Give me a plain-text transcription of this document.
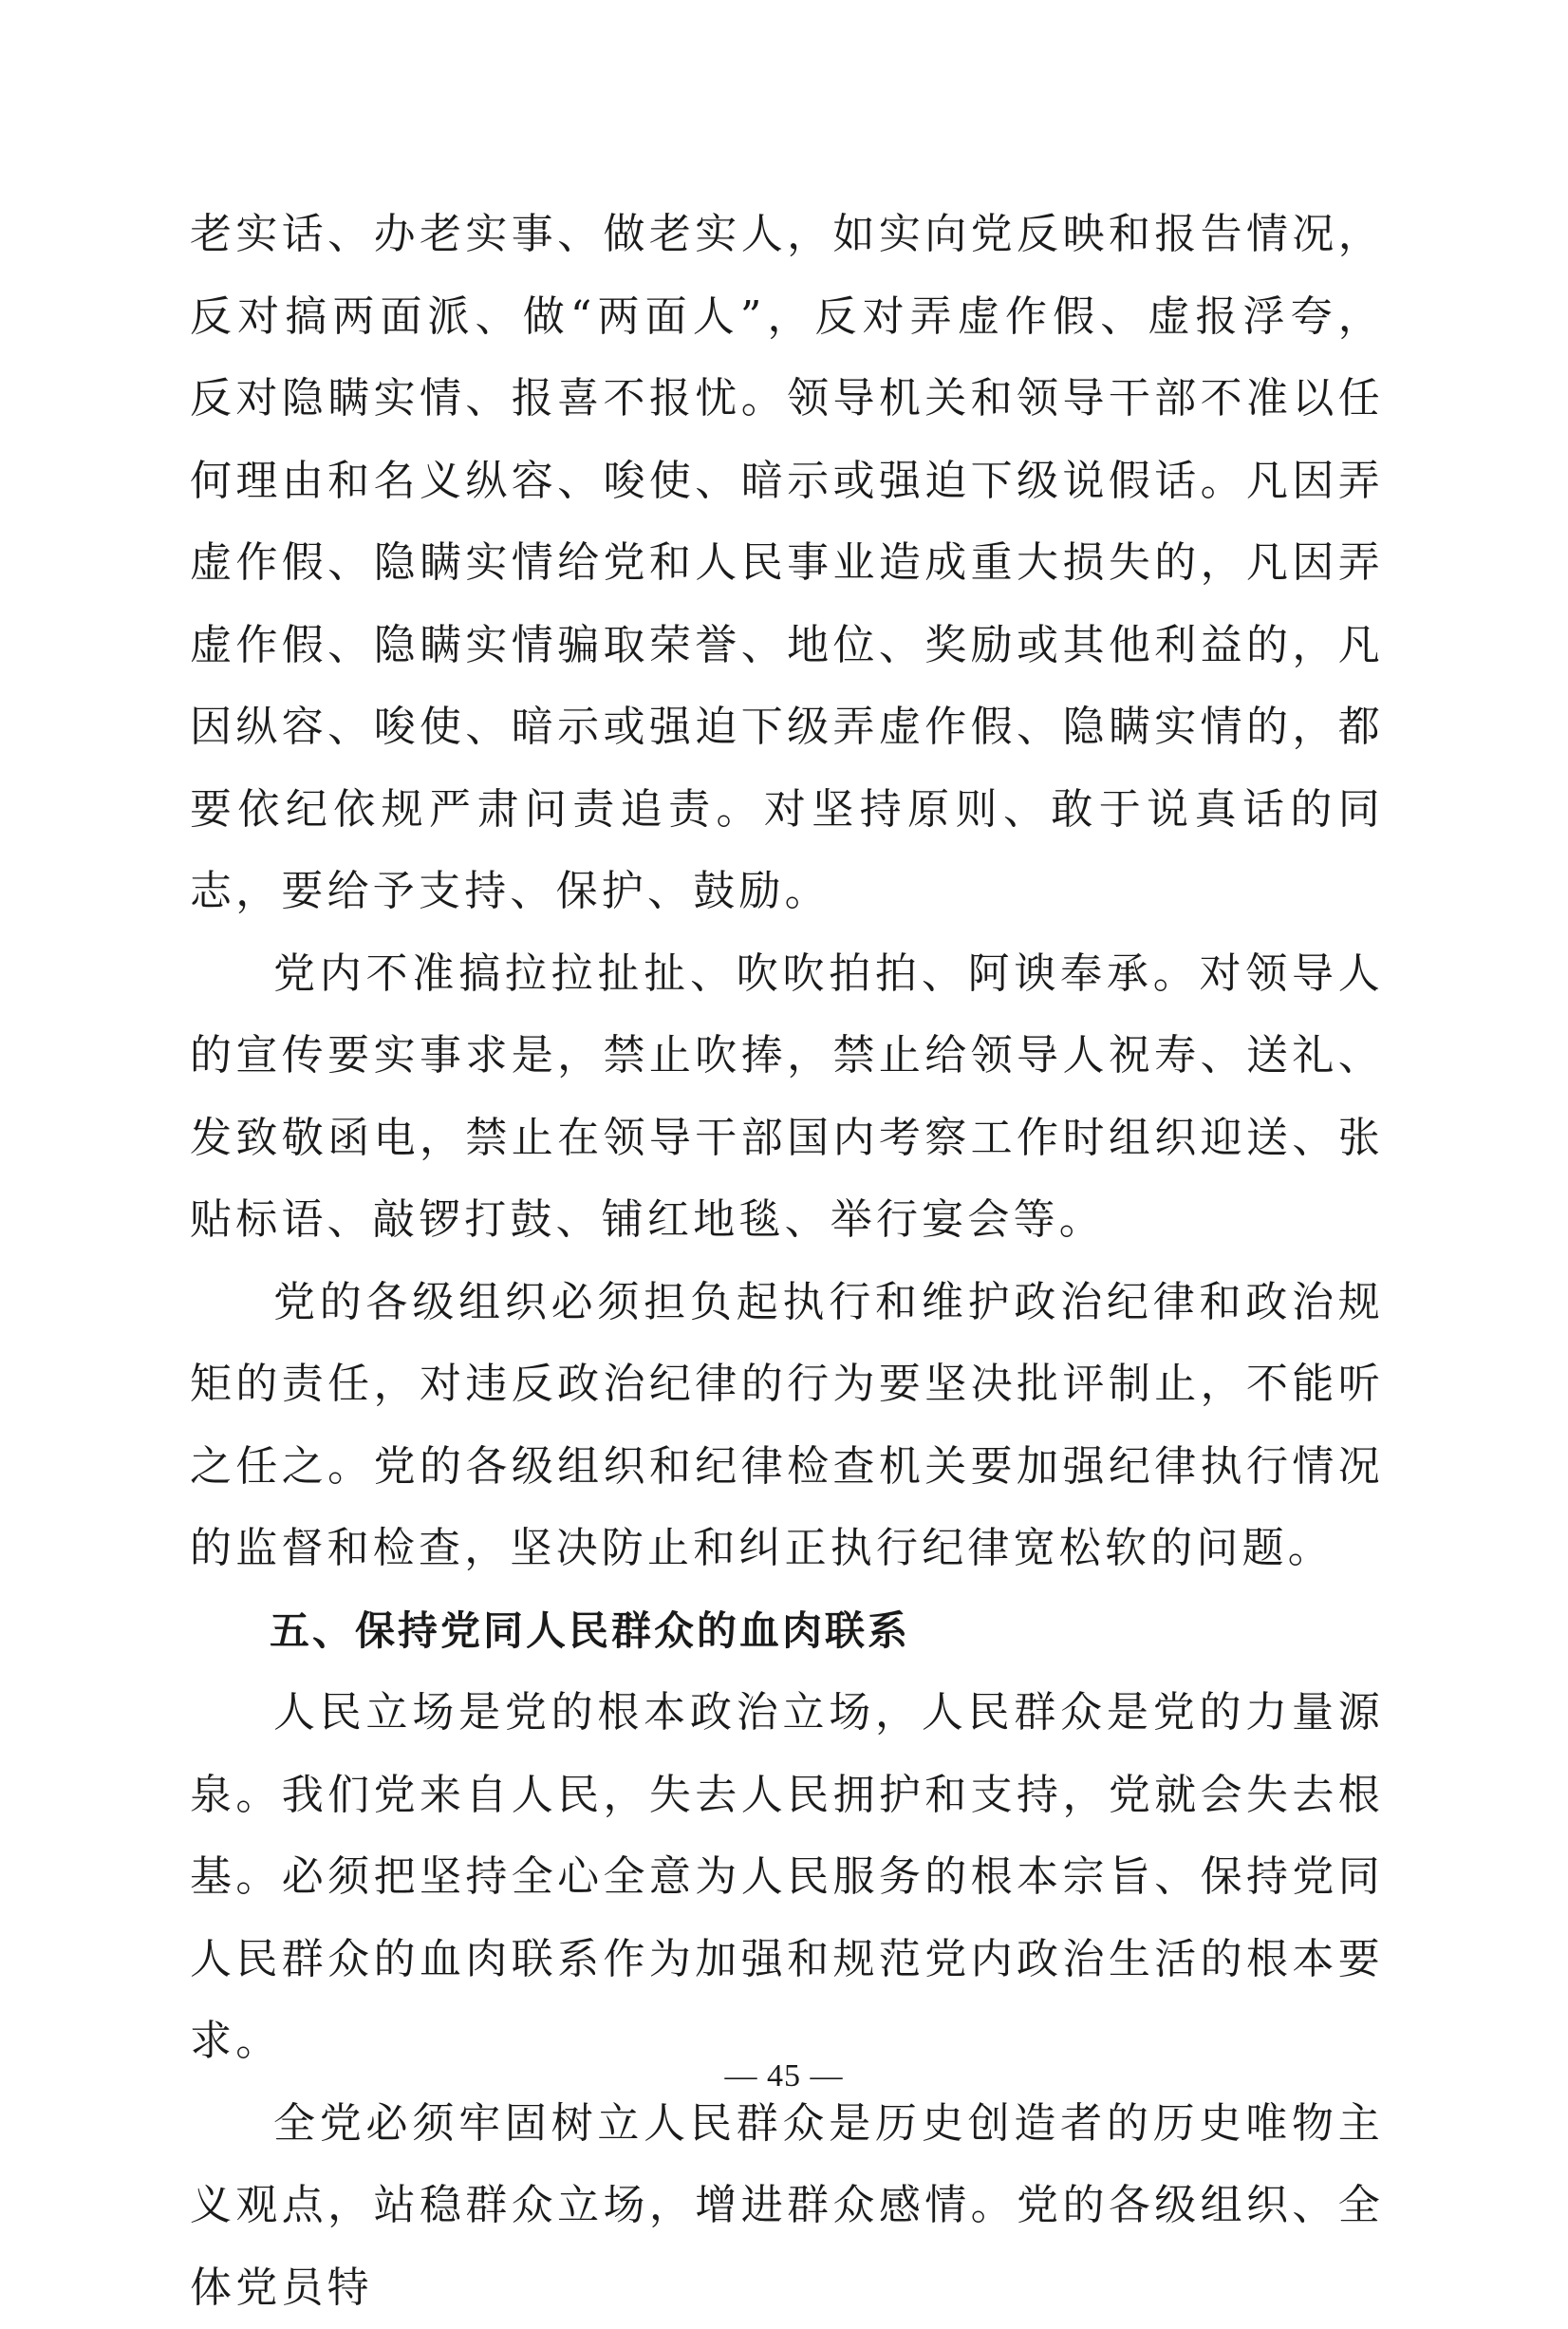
老实话、办老实事、做老实人，如实向党反映和报告情况，反对搞两面派、做“两面人”，反对弄虚作假、虚报浮夸，反对隐瞒实情、报喜不报忧。领导机关和领导干部不准以任何理由和名义纵容、唆使、暗示或强迫下级说假话。凡因弄虚作假、隐瞒实情给党和人民事业造成重大损失的，凡因弄虚作假、隐瞒实情骗取荣誉、地位、奖励或其他利益的，凡因纵容、唆使、暗示或强迫下级弄虚作假、隐瞒实情的，都要依纪依规严肃问责追责。对坚持原则、敢于说真话的同志，要给予支持、保护、鼓励。

党内不准搞拉拉扯扯、吹吹拍拍、阿谀奉承。对领导人的宣传要实事求是，禁止吹捧，禁止给领导人祝寿、送礼、发致敬函电，禁止在领导干部国内考察工作时组织迎送、张贴标语、敲锣打鼓、铺红地毯、举行宴会等。

党的各级组织必须担负起执行和维护政治纪律和政治规矩的责任，对违反政治纪律的行为要坚决批评制止，不能听之任之。党的各级组织和纪律检查机关要加强纪律执行情况的监督和检查，坚决防止和纠正执行纪律宽松软的问题。

五、保持党同人民群众的血肉联系

人民立场是党的根本政治立场，人民群众是党的力量源泉。我们党来自人民，失去人民拥护和支持，党就会失去根基。必须把坚持全心全意为人民服务的根本宗旨、保持党同人民群众的血肉联系作为加强和规范党内政治生活的根本要求。

全党必须牢固树立人民群众是历史创造者的历史唯物主义观点，站稳群众立场，增进群众感情。党的各级组织、全体党员特

— 45 —
